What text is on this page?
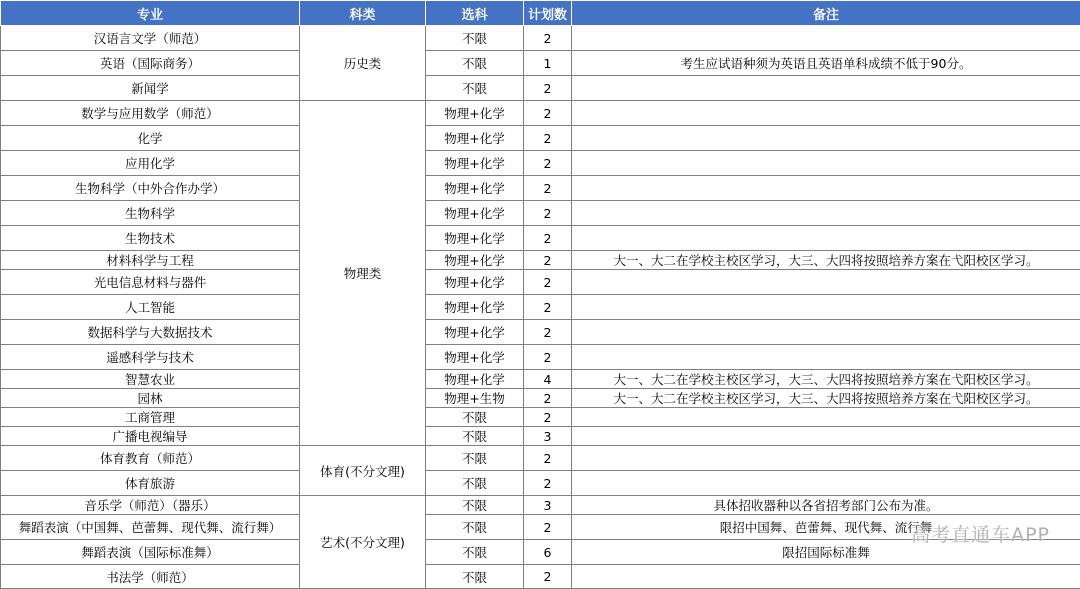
专业	科类	选科	计划数	备注
汉语言文学（师范）	历史类	不限	2	
英语（国际商务）		不限	1	考生应试语种须为英语且英语单科成绩不低于90分。
新闻学		不限	2	
数学与应用数学（师范）	物理类	物理+化学	2	
化学		物理+化学	2	
应用化学		物理+化学	2	
生物科学（中外合作办学）		物理+化学	2	
生物科学		物理+化学	2	
生物技术		物理+化学	2	
材料科学与工程		物理+化学	2	大一、大二在学校主校区学习，大三、大四将按照培养方案在弋阳校区学习。
光电信息材料与器件		物理+化学	2	
人工智能		物理+化学	2	
数据科学与大数据技术		物理+化学	2	
遥感科学与技术		物理+化学	2	
智慧农业		物理+化学	4	大一、大二在学校主校区学习，大三、大四将按照培养方案在弋阳校区学习。
园林		物理+生物	2	大一、大二在学校主校区学习，大三、大四将按照培养方案在弋阳校区学习。
工商管理		不限	2	
广播电视编导		不限	3	
体育教育（师范）	体育(不分文理)	不限	2	
体育旅游		不限	2	
音乐学（师范）（器乐）	艺术(不分文理)	不限	3	具体招收器种以各省招考部门公布为准。
舞蹈表演（中国舞、芭蕾舞、现代舞、流行舞）		不限	2	限招中国舞、芭蕾舞、现代舞、流行舞
舞蹈表演（国际标准舞）		不限	6	限招国际标准舞
书法学（师范）		不限	2	
高考直通车APP
